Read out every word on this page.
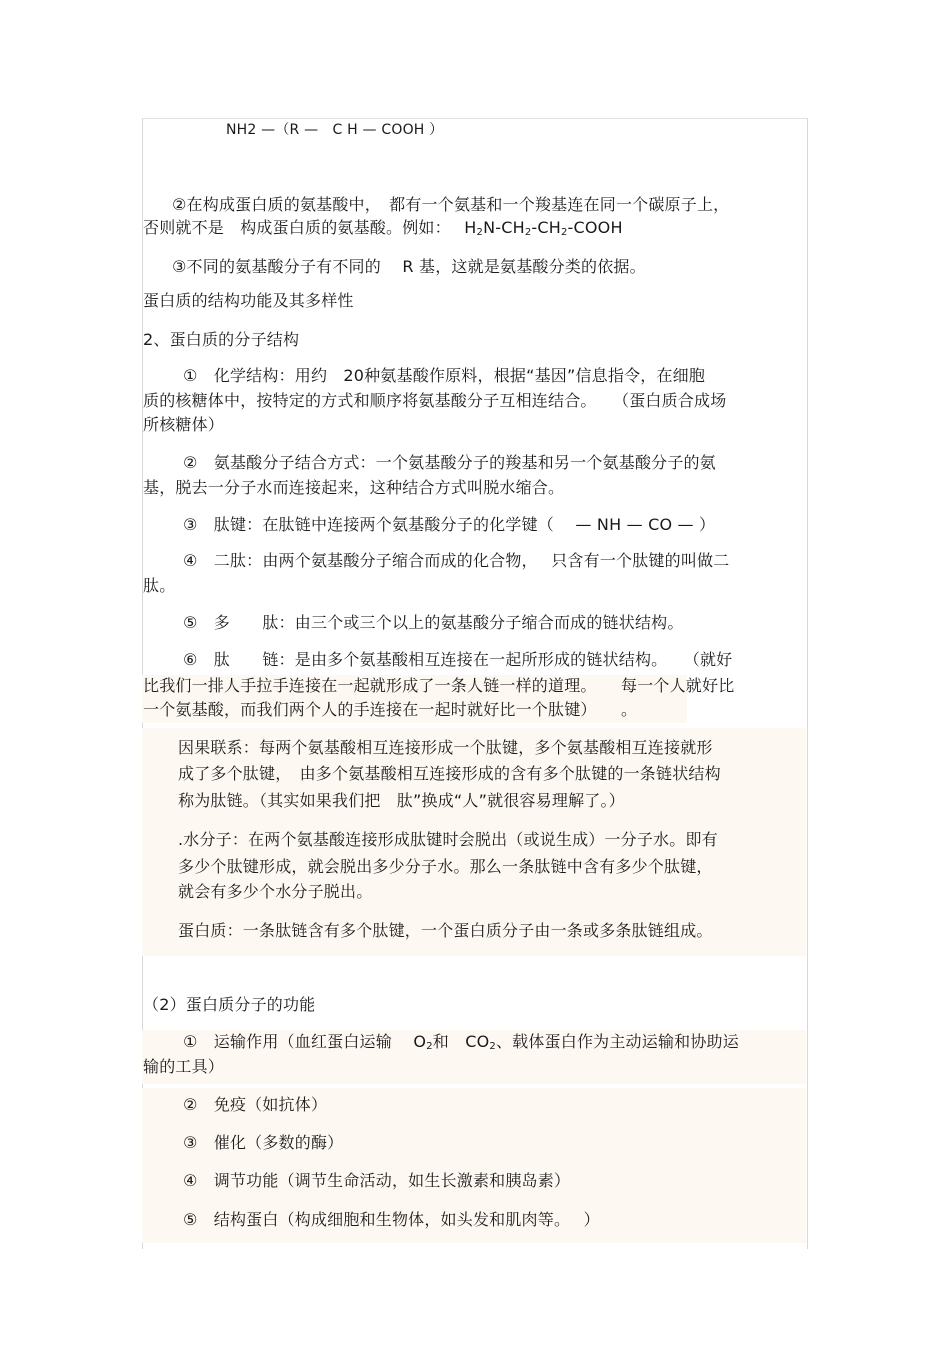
NH2 —（R —　C H — COOH ）
②在构成蛋白质的氨基酸中，　都有一个氨基和一个羧基连在同一个碳原子上，
否则就不是　构成蛋白质的氨基酸。例如：　 $H_2N-CH_2-CH_2$-COOH
③不同的氨基酸分子有不同的　 R 基，这就是氨基酸分类的依据。
蛋白质的结构功能及其多样性
2、蛋白质的分子结构
①　化学结构：用约　20种氨基酸作原料，根据“基因”信息指令，在细胞
质的核糖体中，按特定的方式和顺序将氨基酸分子互相连结合。　　（蛋白质合成场
所核糖体）
②　氨基酸分子结合方式：一个氨基酸分子的羧基和另一个氨基酸分子的氨
基，脱去一分子水而连接起来，这种结合方式叫脱水缩合。
③　肽键：在肽链中连接两个氨基酸分子的化学键（　 — NH — CO — ）
④　二肽：由两个氨基酸分子缩合而成的化合物，　 只含有一个肽键的叫做二
肽。
⑤　多　　肽：由三个或三个以上的氨基酸分子缩合而成的链状结构。
⑥　肽　　链：是由多个氨基酸相互连接在一起所形成的链状结构。　　（就好
比我们一排人手拉手连接在一起就形成了一条人链一样的道理。　　每一个人就好比
一个氨基酸，而我们两个人的手连接在一起时就好比一个肽键）　　。
因果联系：每两个氨基酸相互连接形成一个肽键，多个氨基酸相互连接就形
成了多个肽键，　由多个氨基酸相互连接形成的含有多个肽键的一条链状结构
称为肽链。（其实如果我们把　肽”换成“人”就很容易理解了。）
.水分子：在两个氨基酸连接形成肽键时会脱出（或说生成）一分子水。即有
多少个肽键形成，就会脱出多少分子水。那么一条肽链中含有多少个肽键，
就会有多少个水分子脱出。
蛋白质：一条肽链含有多个肽键，一个蛋白质分子由一条或多条肽链组成。
（2）蛋白质分子的功能
①　运输作用（血红蛋白运输　 $O_2$和　$CO_2$、载体蛋白作为主动运输和协助运
输的工具）
②　免疫（如抗体）
③　催化（多数的酶）
④　调节功能（调节生命活动，如生长激素和胰岛素）
⑤　结构蛋白（构成细胞和生物体，如头发和肌肉等。　 ）
